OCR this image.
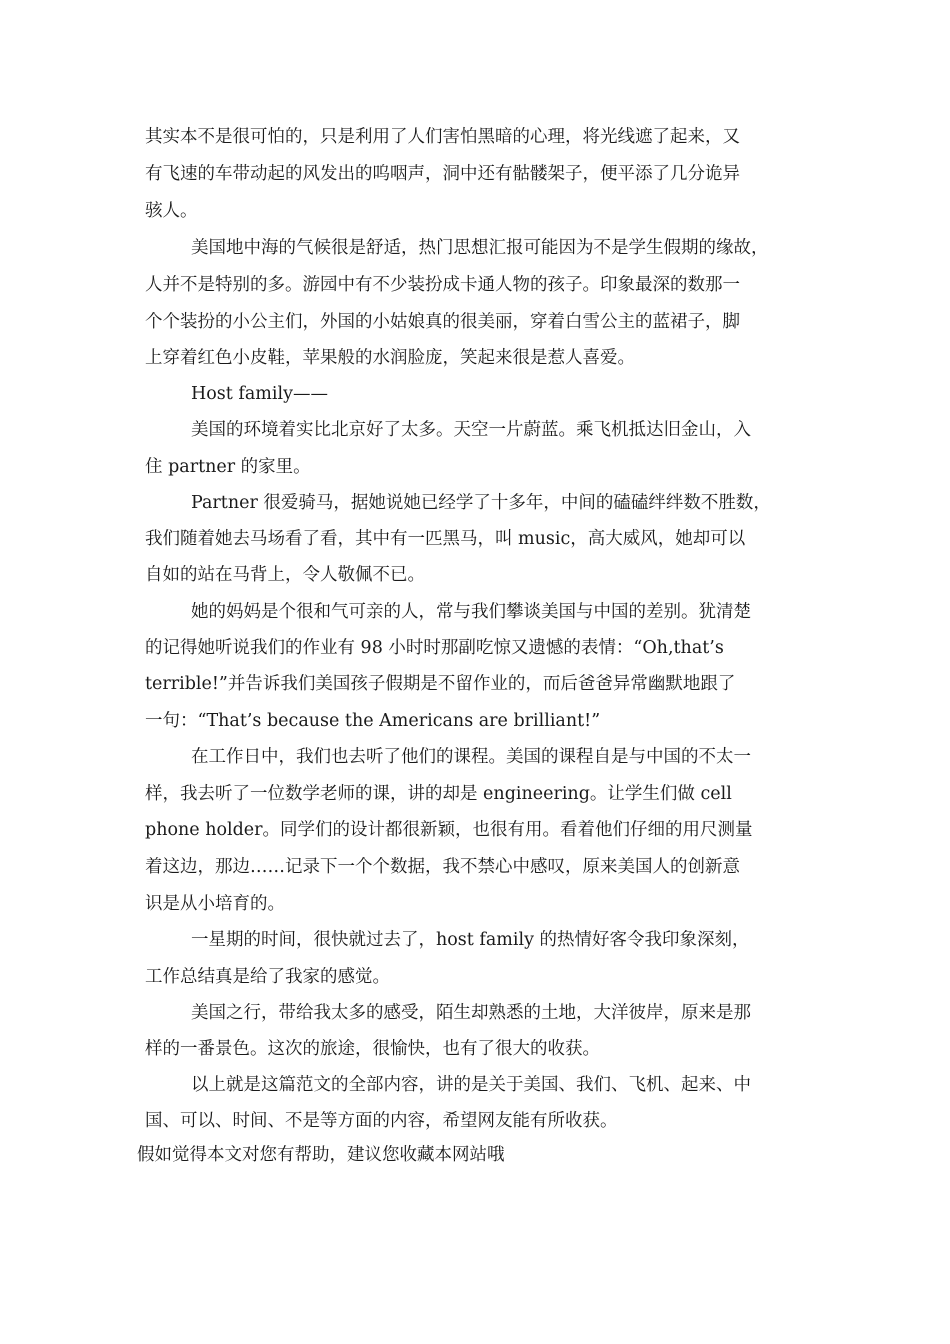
其实本不是很可怕的，只是利用了人们害怕黑暗的心理，将光线遮了起来，又
有飞速的车带动起的风发出的呜咽声，洞中还有骷髅架子，便平添了几分诡异
骇人。
美国地中海的气候很是舒适，热门思想汇报可能因为不是学生假期的缘故，
人并不是特别的多。游园中有不少装扮成卡通人物的孩子。印象最深的数那一
个个装扮的小公主们，外国的小姑娘真的很美丽，穿着白雪公主的蓝裙子，脚
上穿着红色小皮鞋，苹果般的水润脸庞，笑起来很是惹人喜爱。
Host family——
美国的环境着实比北京好了太多。天空一片蔚蓝。乘飞机抵达旧金山，入
住 partner 的家里。
Partner 很爱骑马，据她说她已经学了十多年，中间的磕磕绊绊数不胜数，
我们随着她去马场看了看，其中有一匹黑马，叫 music，高大威风，她却可以
自如的站在马背上，令人敬佩不已。
她的妈妈是个很和气可亲的人，常与我们攀谈美国与中国的差别。犹清楚
的记得她听说我们的作业有 98 小时时那副吃惊又遗憾的表情：“Oh,that’s
terrible!”并告诉我们美国孩子假期是不留作业的，而后爸爸异常幽默地跟了
一句：“That’s because the Americans are brilliant!”
在工作日中，我们也去听了他们的课程。美国的课程自是与中国的不太一
样，我去听了一位数学老师的课，讲的却是 engineering。让学生们做 cell
phone holder。同学们的设计都很新颖，也很有用。看着他们仔细的用尺测量
着这边，那边……记录下一个个数据，我不禁心中感叹，原来美国人的创新意
识是从小培育的。
一星期的时间，很快就过去了，host family 的热情好客令我印象深刻，
工作总结真是给了我家的感觉。
美国之行，带给我太多的感受，陌生却熟悉的土地，大洋彼岸，原来是那
样的一番景色。这次的旅途，很愉快，也有了很大的收获。
以上就是这篇范文的全部内容，讲的是关于美国、我们、飞机、起来、中
国、可以、时间、不是等方面的内容，希望网友能有所收获。
假如觉得本文对您有帮助，建议您收藏本网站哦
